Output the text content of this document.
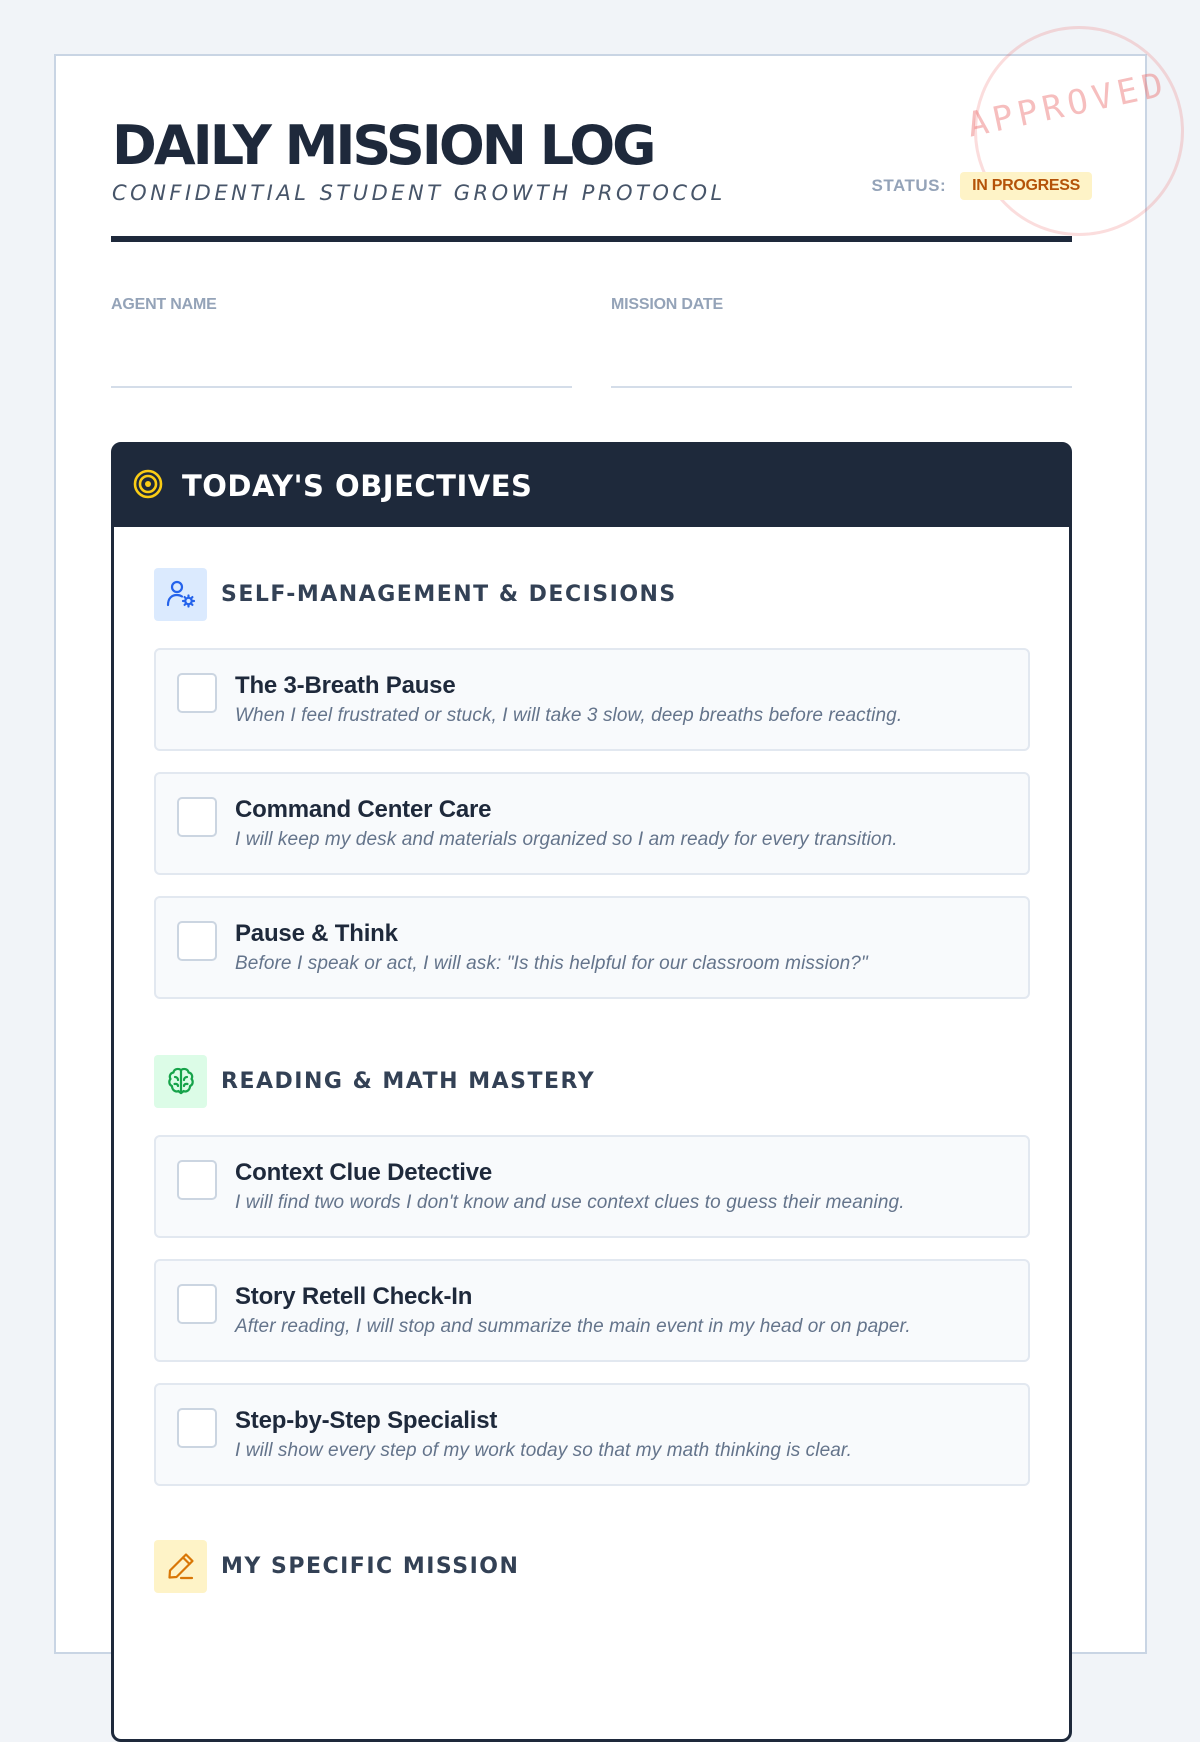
APPROVED
DAILY MISSION LOG
CONFIDENTIAL STUDENT GROWTH PROTOCOL	STATUS:	IN PROGRESS
AGENT NAME	MISSION DATE
TODAY'S OBJECTIVES
SELF-MANAGEMENT & DECISIONS
The 3-Breath Pause
When I feel frustrated or stuck, I will take 3 slow, deep breaths before reacting.
Command Center Care
I will keep my desk and materials organized so I am ready for every transition.
Pause & Think
Before I speak or act, I will ask: "Is this helpful for our classroom mission?"
READING & MATH MASTERY
Context Clue Detective
I will find two words I don't know and use context clues to guess their meaning.
Story Retell Check-In
After reading, I will stop and summarize the main event in my head or on paper.
Step-by-Step Specialist
I will show every step of my work today so that my math thinking is clear.
MY SPECIFIC MISSION
